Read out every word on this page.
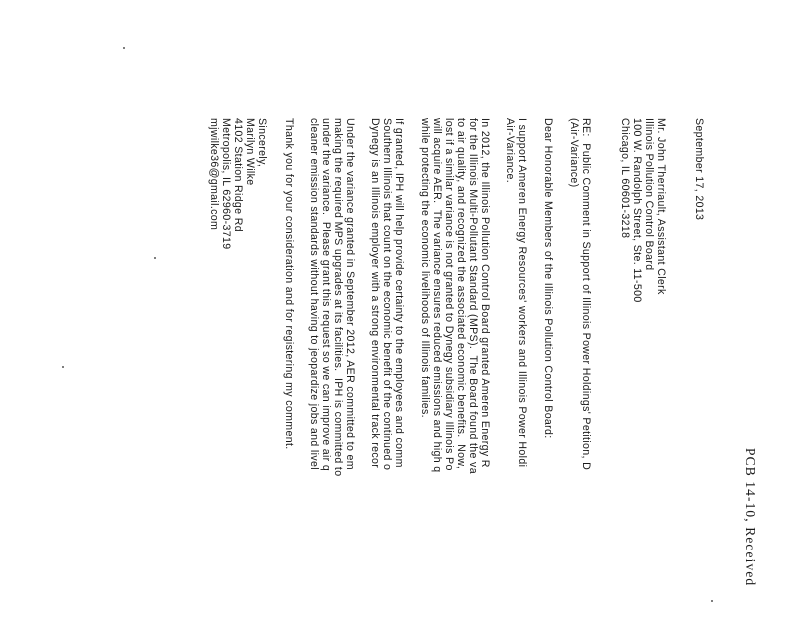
PCB 14-10, Received
September 17, 2013
Mr. John Therriault, Assistant Clerk
Illinois Pollution Control Board
100 W. Randolph Street, Ste. 11-500
Chicago, IL 60601-3218
RE:  Public Comment in Support of Illinois Power Holdings' Petition, D
(Air-Variance)
Dear Honorable Members of the Illinois Pollution Control Board:
I support Ameren Energy Resources' workers and Illinois Power Holdi
Air-Variance.
In 2012, the Illinois Pollution Control Board granted Ameren Energy R
for the Illinois Multi-Pollutant Standard (MPS).  The Board found the va
to air quality, and recognized the associated economic benefits.  Now,
lost if a similar variance is not granted to Dynegy subsidiary Illinois Po
will acquire AER.  The variance ensures reduced emissions and high q
while protecting the economic livelihoods of Illinois families.
If granted, IPH will help provide certainty to the employees and comm
Southern Illinois that count on the economic benefit of the continued o
Dynegy is an Illinois employer with a strong environmental track recor
Under the variance granted in September 2012, AER committed to em
making the required MPS upgrades at its facilities.  IPH is committed to
under the variance.  Please grant this request so we can improve air q
cleaner emission standards without having to jeopardize jobs and livel
Thank you for your consideration and for registering my comment.
Sincerely,
Marilyn Wilke
4102 Station Ridge Rd
Metropolis, IL 62960-3719
mjwilke36@gmail.com
